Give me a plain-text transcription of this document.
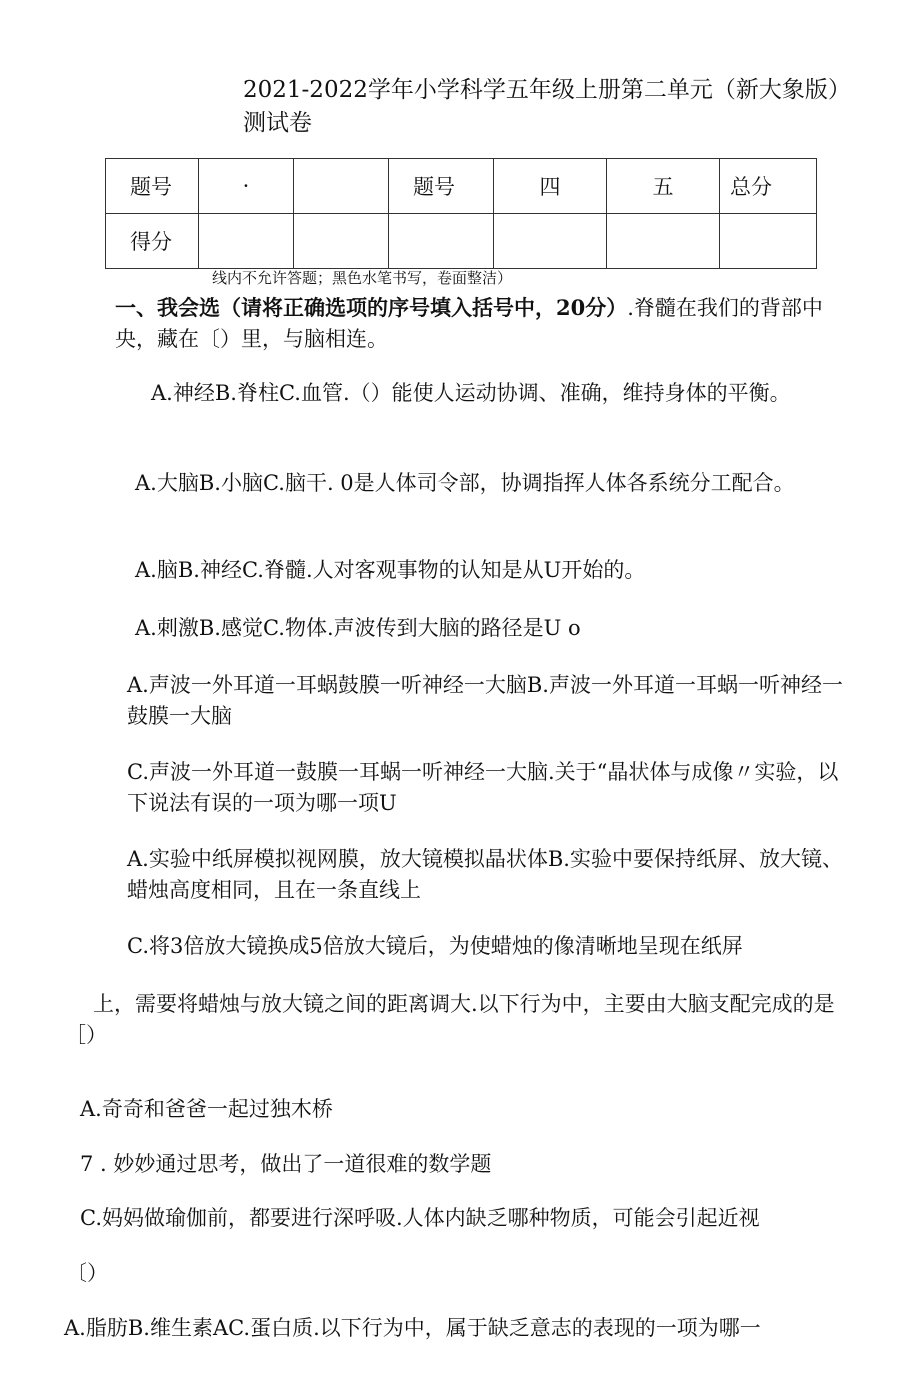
2021-2022学年小学科学五年级上册第二单元（新大象版）测试卷
题号	·		题号	四	五	总分
得分						
线内不允许答题；黑色水笔书写，卷面整洁）

一、我会选（请将正确选项的序号填入括号中，20分）.脊髓在我们的背部中央，藏在〔）里，与脑相连。

A.神经B.脊柱C.血管.（）能使人运动协调、准确，维持身体的平衡。

A.大脑B.小脑C.脑干. 0是人体司令部，协调指挥人体各系统分工配合。

A.脑B.神经C.脊髓.人对客观事物的认知是从U开始的。

A.刺激B.感觉C.物体.声波传到大脑的路径是U o

A.声波一外耳道一耳蜗鼓膜一听神经一大脑B.声波一外耳道一耳蜗一听神经一鼓膜一大脑

C.声波一外耳道一鼓膜一耳蜗一听神经一大脑.关于“晶状体与成像〃实验，以下说法有误的一项为哪一项U

A.实验中纸屏模拟视网膜，放大镜模拟晶状体B.实验中要保持纸屏、放大镜、蜡烛高度相同，且在一条直线上

C.将3倍放大镜换成5倍放大镜后，为使蜡烛的像清晰地呈现在纸屏

上，需要将蜡烛与放大镜之间的距离调大.以下行为中，主要由大脑支配完成的是［）

A.奇奇和爸爸一起过独木桥

7 . 妙妙通过思考，做出了一道很难的数学题

C.妈妈做瑜伽前，都要进行深呼吸.人体内缺乏哪种物质，可能会引起近视

〔）

A.脂肪B.维生素AC.蛋白质.以下行为中，属于缺乏意志的表现的一项为哪一
